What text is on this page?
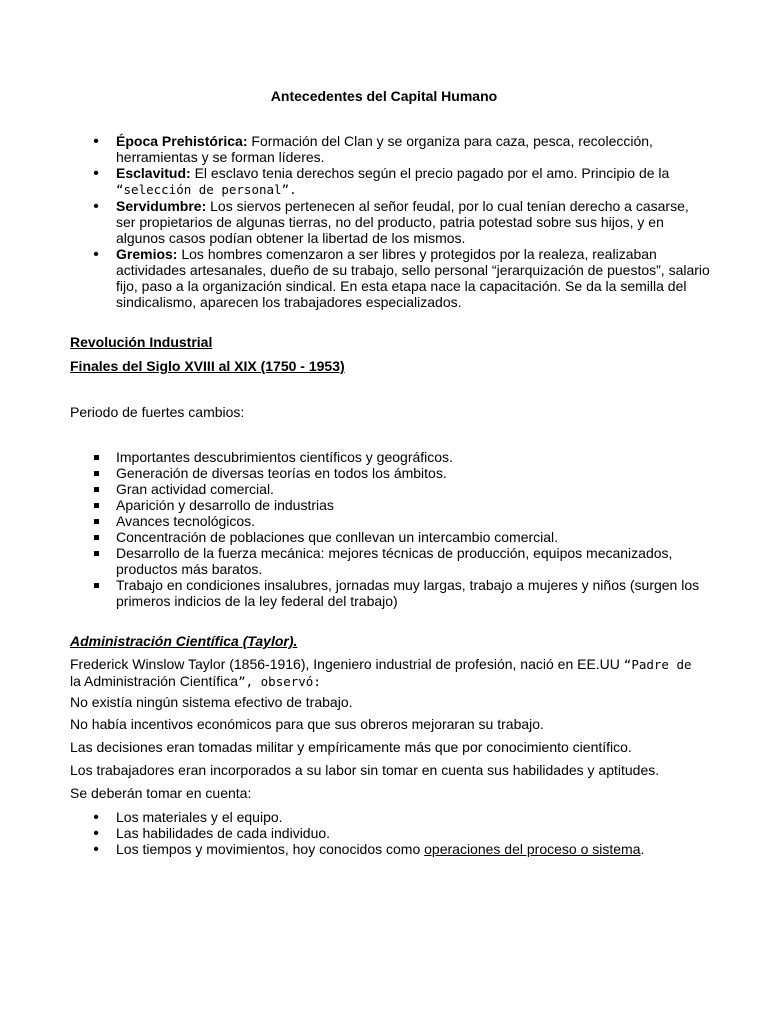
Antecedentes del Capital Humano
•
Época Prehistórica: Formación del Clan y se organiza para caza, pesca, recolección, herramientas y se forman líderes.
•
Esclavitud: El esclavo tenia derechos según el precio pagado por el amo. Principio de la “selección de personal”.
•
Servidumbre: Los siervos pertenecen al señor feudal, por lo cual tenían derecho a casarse, ser propietarios de algunas tierras, no del producto, patria potestad sobre sus hijos, y en algunos casos podían obtener la libertad de los mismos.
•
Gremios: Los hombres comenzaron a ser libres y protegidos por la realeza, realizaban actividades artesanales, dueño de su trabajo, sello personal “jerarquización de puestos”, salario fijo, paso a la organización sindical. En esta etapa nace la capacitación. Se da la semilla del sindicalismo, aparecen los trabajadores especializados.
Revolución Industrial
Finales del Siglo XVIII al XIX (1750 - 1953)
Periodo de fuertes cambios:
Importantes descubrimientos científicos y geográficos.
Generación de diversas teorías en todos los ámbitos.
Gran actividad comercial.
Aparición y desarrollo de industrias
Avances tecnológicos.
Concentración de poblaciones que conllevan un intercambio comercial.
Desarrollo de la fuerza mecánica: mejores técnicas de producción, equipos mecanizados, productos más baratos.
Trabajo en condiciones insalubres, jornadas muy largas, trabajo a mujeres y niños (surgen los primeros indicios de la ley federal del trabajo)
Administración Científica (Taylor).
Frederick Winslow Taylor (1856-1916), Ingeniero industrial de profesión, nació en EE.UU “Padre de
la Administración Científica”, observó:

No existía ningún sistema efectivo de trabajo.

No había incentivos económicos para que sus obreros mejoraran su trabajo.

Las decisiones eran tomadas militar y empíricamente más que por conocimiento científico.

Los trabajadores eran incorporados a su labor sin tomar en cuenta sus habilidades y aptitudes.

Se deberán tomar en cuenta:

•
Los materiales y el equipo.
•
Las habilidades de cada individuo.
•
Los tiempos y movimientos, hoy conocidos como operaciones del proceso o sistema.
